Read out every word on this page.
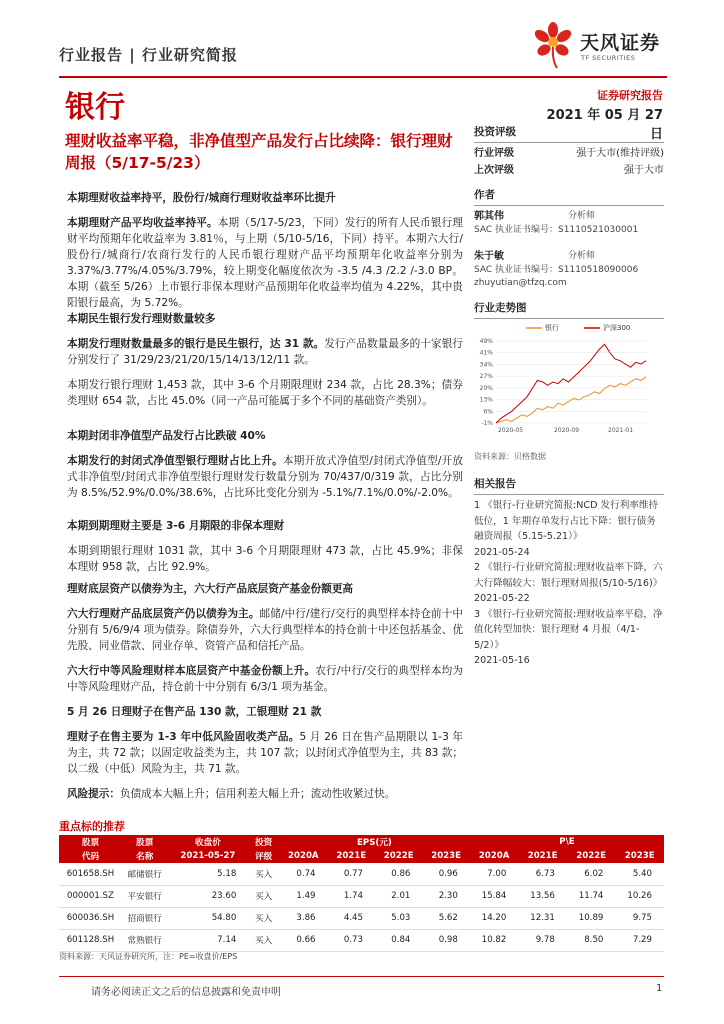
行业报告 | 行业研究简报
天风证券
TF SECURITIES
银行	证券研究报告
2021 年 05 月 27 日
理财收益率平稳，非净值型产品发行占比续降：银行理财周报（5/17-5/23）
本期理财收益率持平，股份行/城商行理财收益率环比提升
本期理财产品平均收益率持平。本期（5/17-5/23，下同）发行的所有人民币银行理财平均预期年化收益率为 3.81％，与上期（5/10-5/16，下同）持平。本期六大行/股份行/城商行/农商行发行的人民币银行理财产品平均预期年化收益率分别为 3.37%/3.77%/4.05%/3.79%，较上期变化幅度依次为 -3.5 /4.3 /2.2 /-3.0 BP。本期（截至 5/26）上市银行非保本理财产品预期年化收益率均值为 4.22%，其中贵阳银行最高，为 5.72%。
本期民生银行发行理财数量较多
本期发行理财数量最多的银行是民生银行，达 31 款。发行产品数量最多的十家银行分别发行了 31/29/23/21/20/15/14/13/12/11 款。
本期发行银行理财 1,453 款，其中 3-6 个月期限理财 234 款，占比 28.3%；债券类理财 654 款，占比 45.0%（同一产品可能属于多个不同的基础资产类别）。
本期封闭非净值型产品发行占比跌破 40%
本期发行的封闭式净值型银行理财占比上升。本期开放式净值型/封闭式净值型/开放式非净值型/封闭式非净值型银行理财发行数量分别为 70/437/0/319 款，占比分别为 8.5%/52.9%/0.0%/38.6%，占比环比变化分别为 -5.1%/7.1%/0.0%/-2.0%。
本期到期理财主要是 3-6 月期限的非保本理财
本期到期银行理财 1031 款，其中 3-6 个月期限理财 473 款，占比 45.9%；非保本理财 958 款，占比 92.9%。
理财底层资产以债券为主，六大行产品底层资产基金份额更高
六大行理财产品底层资产仍以债券为主。邮储/中行/建行/交行的典型样本持仓前十中分别有 5/6/9/4 项为债券。除债券外，六大行典型样本的持仓前十中还包括基金、优先股、同业借款、同业存单、资管产品和信托产品。
六大行中等风险理财样本底层资产中基金份额上升。农行/中行/交行的典型样本均为中等风险理财产品，持仓前十中分别有 6/3/1 项为基金。
5 月 26 日理财子在售产品 130 款，工银理财 21 款
理财子在售主要为 1-3 年中低风险固收类产品。5 月 26 日在售产品期限以 1-3 年为主，共 72 款；以固定收益类为主，共 107 款；以封闭式净值型为主，共 83 款；以二级（中低）风险为主，共 71 款。
风险提示：负债成本大幅上升；信用利差大幅上升；流动性收紧过快。
投资评级
行业评级	强于大市(维持评级)
上次评级	强于大市
作者
郭其伟	分析师
SAC 执业证书编号：S1110521030001
朱于敏	分析师
SAC 执业证书编号：S1110518090006
zhuyutian@tfzq.com
行业走势图
-1%
6%
13%
20%
27%
34%
41%
49%
2020-05	2020-09	2021-01
银行	沪深300
资料来源：贝格数据
相关报告
1 《银行-行业研究简报:NCD 发行利率维持低位，1 年期存单发行占比下降：银行债务融资周报（5.15-5.21）》
2021-05-24
2 《银行-行业研究简报:理财收益率下降，六大行降幅较大：银行理财周报(5/10-5/16)》
2021-05-22
3 《银行-行业研究简报:理财收益率平稳，净值化转型加快：银行理财 4 月报（4/1-5/2）》
2021-05-16
重点标的推荐
股票	股票	收盘价	投资	EPS(元)				P\E			
代码	名称	2021-05-27	评级	2020A	2021E	2022E	2023E	2020A	2021E	2022E	2023E
601658.SH	邮储银行	5.18	买入	0.74	0.77	0.86	0.96	7.00	6.73	6.02	5.40
000001.SZ	平安银行	23.60	买入	1.49	1.74	2.01	2.30	15.84	13.56	11.74	10.26
600036.SH	招商银行	54.80	买入	3.86	4.45	5.03	5.62	14.20	12.31	10.89	9.75
601128.SH	常熟银行	7.14	买入	0.66	0.73	0.84	0.98	10.82	9.78	8.50	7.29
资料来源：天风证券研究所，注：PE=收盘价/EPS
请务必阅读正文之后的信息披露和免责申明	1
